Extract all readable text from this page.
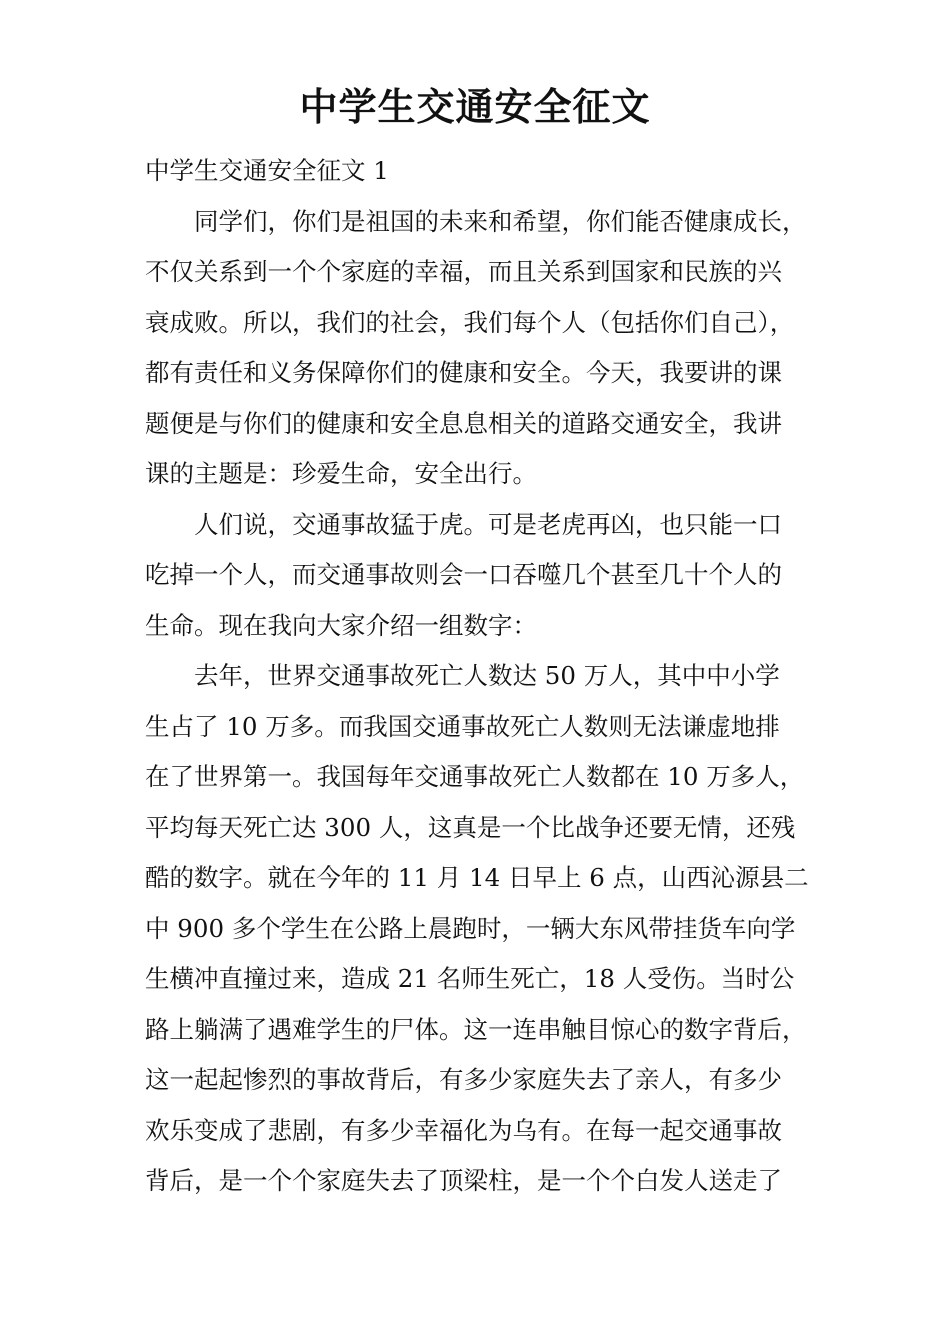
中学生交通安全征文
中学生交通安全征文 1
同学们，你们是祖国的未来和希望，你们能否健康成长，
不仅关系到一个个家庭的幸福，而且关系到国家和民族的兴
衰成败。所以，我们的社会，我们每个人（包括你们自己），
都有责任和义务保障你们的健康和安全。今天，我要讲的课
题便是与你们的健康和安全息息相关的道路交通安全，我讲
课的主题是：珍爱生命，安全出行。
人们说，交通事故猛于虎。可是老虎再凶，也只能一口
吃掉一个人，而交通事故则会一口吞噬几个甚至几十个人的
生命。现在我向大家介绍一组数字：
去年，世界交通事故死亡人数达 50 万人，其中中小学
生占了 10 万多。而我国交通事故死亡人数则无法谦虚地排
在了世界第一。我国每年交通事故死亡人数都在 10 万多人，
平均每天死亡达 300 人，这真是一个比战争还要无情，还残
酷的数字。就在今年的 11 月 14 日早上 6 点，山西沁源县二
中 900 多个学生在公路上晨跑时，一辆大东风带挂货车向学
生横冲直撞过来，造成 21 名师生死亡，18 人受伤。当时公
路上躺满了遇难学生的尸体。这一连串触目惊心的数字背后，
这一起起惨烈的事故背后，有多少家庭失去了亲人，有多少
欢乐变成了悲剧，有多少幸福化为乌有。在每一起交通事故
背后，是一个个家庭失去了顶梁柱，是一个个白发人送走了
